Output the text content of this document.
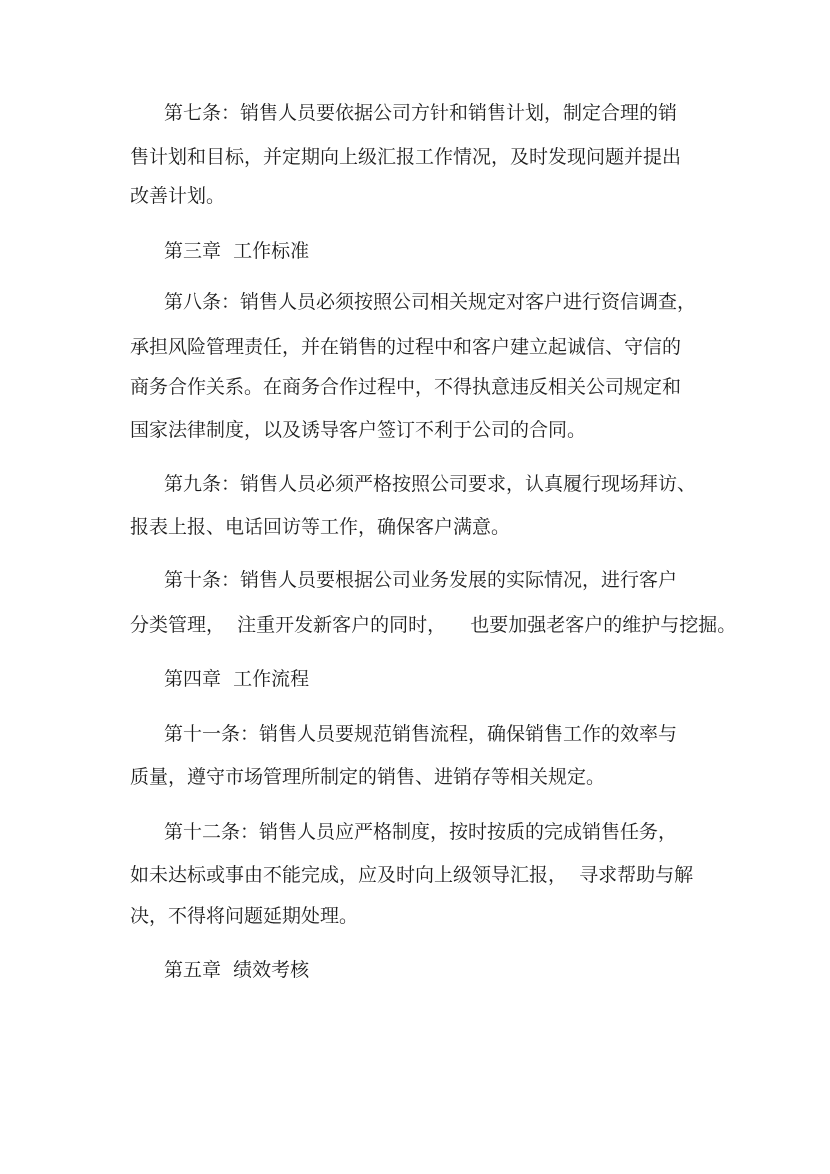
第七条：销售人员要依据公司方针和销售计划，制定合理的销
售计划和目标，并定期向上级汇报工作情况，及时发现问题并提出
改善计划。
第三章  工作标准
第八条：销售人员必须按照公司相关规定对客户进行资信调查，
承担风险管理责任，并在销售的过程中和客户建立起诚信、守信的
商务合作关系。在商务合作过程中，不得执意违反相关公司规定和
国家法律制度，以及诱导客户签订不利于公司的合同。
第九条：销售人员必须严格按照公司要求，认真履行现场拜访、
报表上报、电话回访等工作，确保客户满意。
第十条：销售人员要根据公司业务发展的实际情况，进行客户
分类管理，  注重开发新客户的同时，    也要加强老客户的维护与挖掘。
第四章  工作流程
第十一条：销售人员要规范销售流程，确保销售工作的效率与
质量，遵守市场管理所制定的销售、进销存等相关规定。
第十二条：销售人员应严格制度，按时按质的完成销售任务，
如未达标或事由不能完成，应及时向上级领导汇报，  寻求帮助与解
决，不得将问题延期处理。
第五章  绩效考核
